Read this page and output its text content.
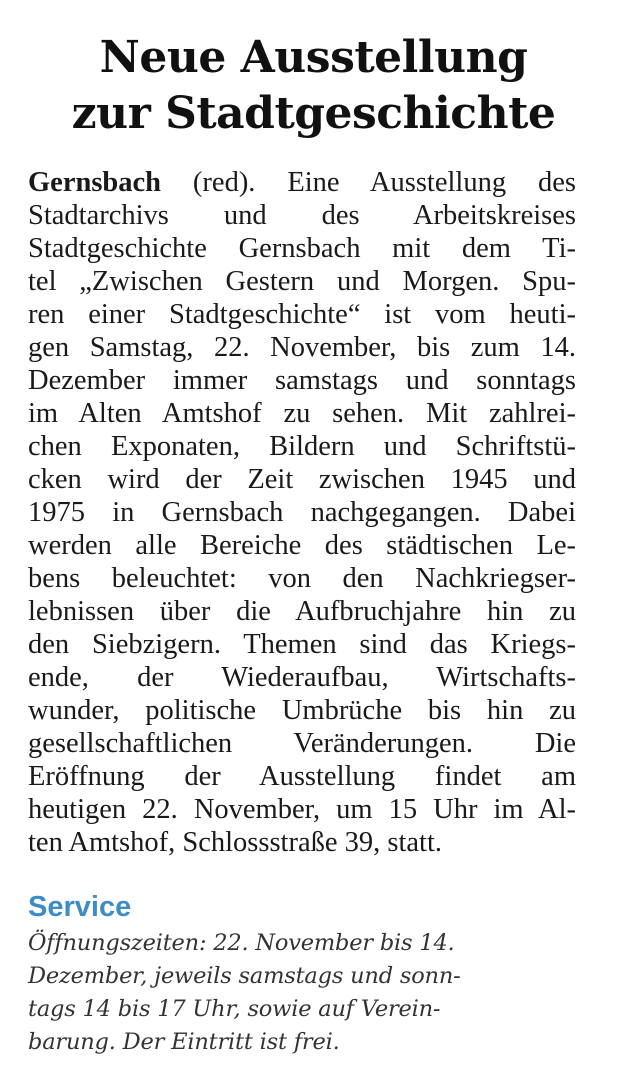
Neue Ausstellung
zur Stadtgeschichte
Gernsbach (red). Eine Ausstellung des
Stadtarchivs und des Arbeitskreises
Stadtgeschichte Gernsbach mit dem Ti-
tel „Zwischen Gestern und Morgen. Spu-
ren einer Stadtgeschichte“ ist vom heuti-
gen Samstag, 22. November, bis zum 14.
Dezember immer samstags und sonntags
im Alten Amtshof zu sehen. Mit zahlrei-
chen Exponaten, Bildern und Schriftstü-
cken wird der Zeit zwischen 1945 und
1975 in Gernsbach nachgegangen. Dabei
werden alle Bereiche des städtischen Le-
bens beleuchtet: von den Nachkriegser-
lebnissen über die Aufbruchjahre hin zu
den Siebzigern. Themen sind das Kriegs-
ende, der Wiederaufbau, Wirtschafts-
wunder, politische Umbrüche bis hin zu
gesellschaftlichen Veränderungen. Die
Eröffnung der Ausstellung findet am
heutigen 22. November, um 15 Uhr im Al-
ten Amtshof, Schlossstraße 39, statt.
Service
Öffnungszeiten: 22. November bis 14.
Dezember, jeweils samstags und sonn-
tags 14 bis 17 Uhr, sowie auf Verein-
barung. Der Eintritt ist frei.
